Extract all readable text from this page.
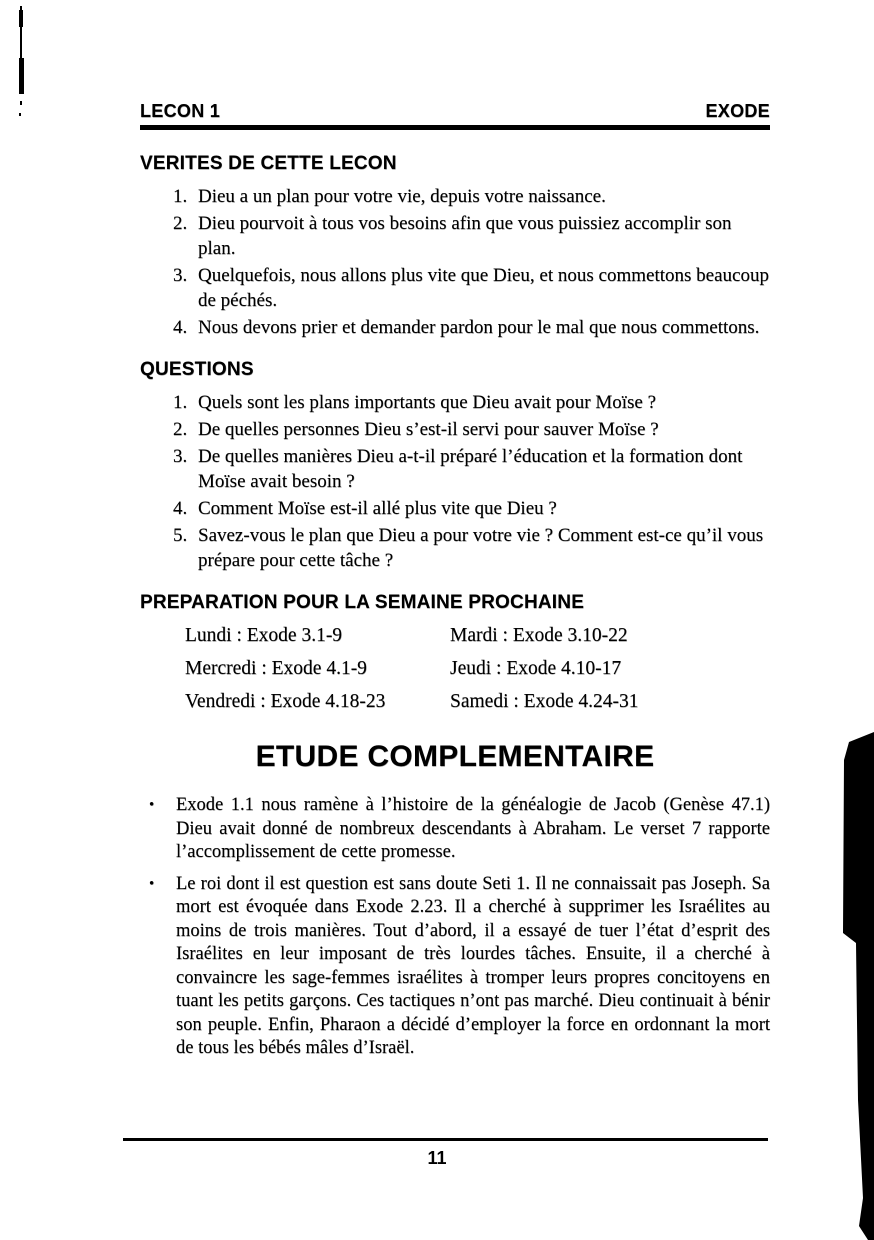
LECON 1	EXODE
VERITES DE CETTE LECON
1. Dieu a un plan pour votre vie, depuis votre naissance.
2. Dieu pourvoit à tous vos besoins afin que vous puissiez accomplir son plan.
3. Quelquefois, nous allons plus vite que Dieu, et nous commettons beaucoup de péchés.
4. Nous devons prier et demander pardon pour le mal que nous commettons.
QUESTIONS
1. Quels sont les plans importants que Dieu avait pour Moïse ?
2. De quelles personnes Dieu s’est-il servi pour sauver Moïse ?
3. De quelles manières Dieu a-t-il préparé l’éducation et la formation dont Moïse avait besoin ?
4. Comment Moïse est-il allé plus vite que Dieu ?
5. Savez-vous le plan que Dieu a pour votre vie ? Comment est-ce qu’il vous prépare pour cette tâche ?
PREPARATION POUR LA SEMAINE PROCHAINE
Lundi : Exode 3.1-9	Mardi : Exode 3.10-22
Mercredi : Exode 4.1-9	Jeudi : Exode 4.10-17
Vendredi : Exode 4.18-23	Samedi : Exode 4.24-31
ETUDE COMPLEMENTAIRE
•	Exode 1.1 nous ramène à l’histoire de la généalogie de Jacob (Genèse 47.1) Dieu avait donné de nombreux descendants à Abraham. Le verset 7 rapporte l’accomplissement de cette promesse.
•	Le roi dont il est question est sans doute Seti 1. Il ne connaissait pas Joseph. Sa mort est évoquée dans Exode 2.23. Il a cherché à supprimer les Israélites au moins de trois manières. Tout d’abord, il a essayé de tuer l’état d’esprit des Israélites en leur imposant de très lourdes tâches. Ensuite, il a cherché à convaincre les sage-femmes israélites à tromper leurs propres concitoyens en tuant les petits garçons. Ces tactiques n’ont pas marché. Dieu continuait à bénir son peuple. Enfin, Pharaon a décidé d’employer la force en ordonnant la mort de tous les bébés mâles d’Israël.
11
